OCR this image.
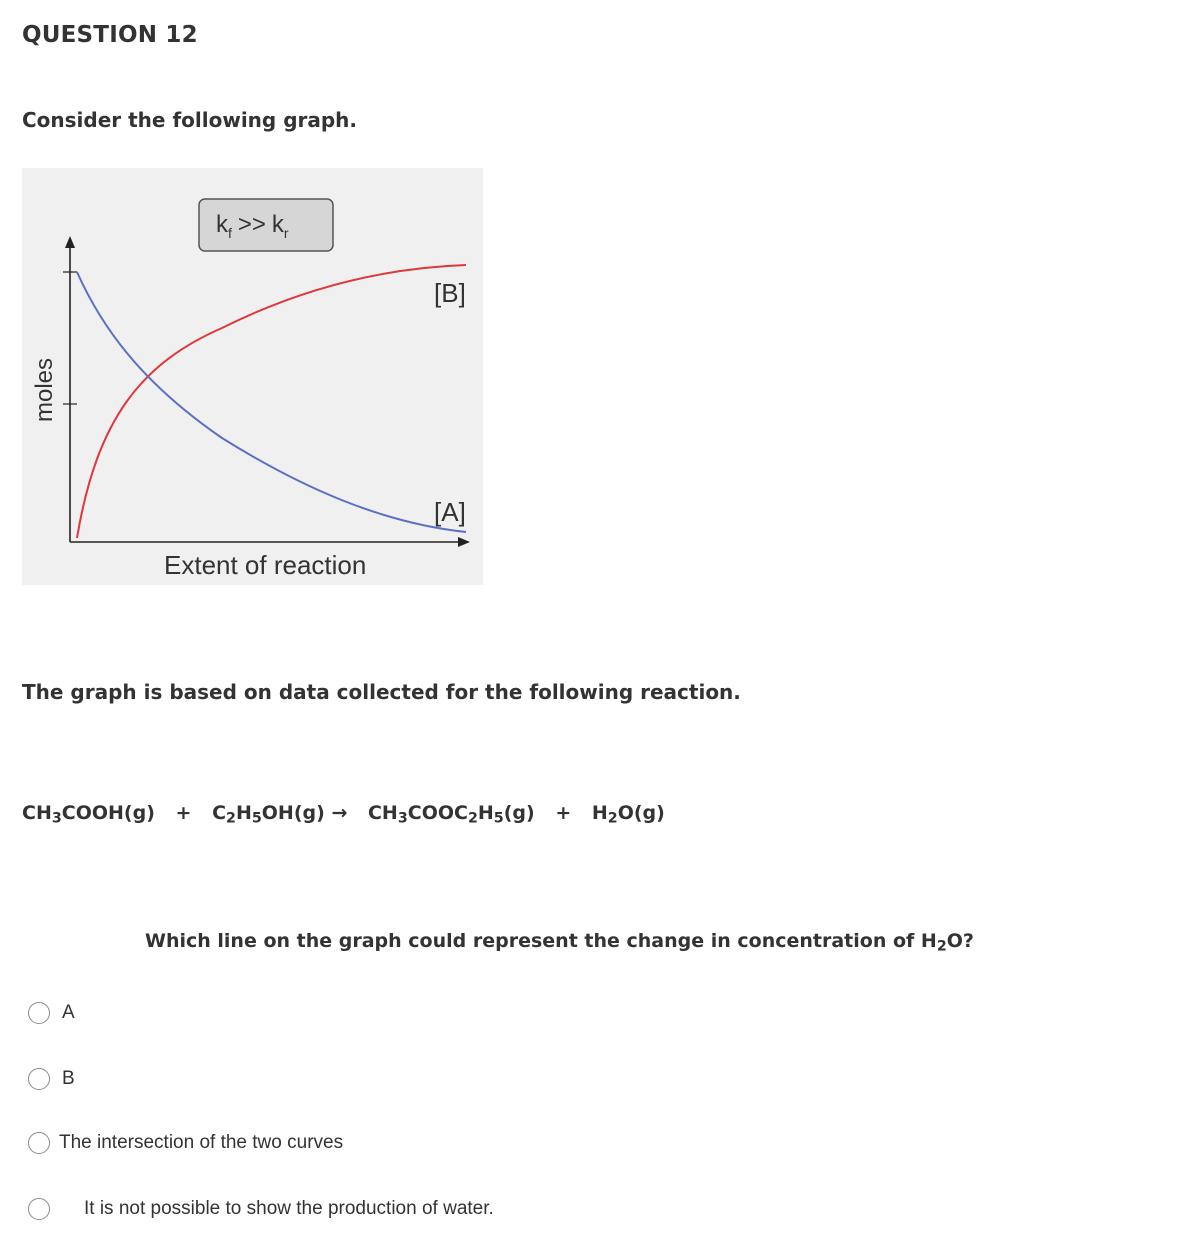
QUESTION 12
Consider the following graph.
$k_f >> k_r$
[B]
[A]
Extent of reaction
moles
The graph is based on data collected for the following reaction.
$CH_3COOH(g) + C_2H_5OH(g)$ → $CH_3COOC_2H_5(g) + H_2O(g)$
Which line on the graph could represent the change in concentration of $H_2O$?
A
B
The intersection of the two curves
It is not possible to show the production of water.
